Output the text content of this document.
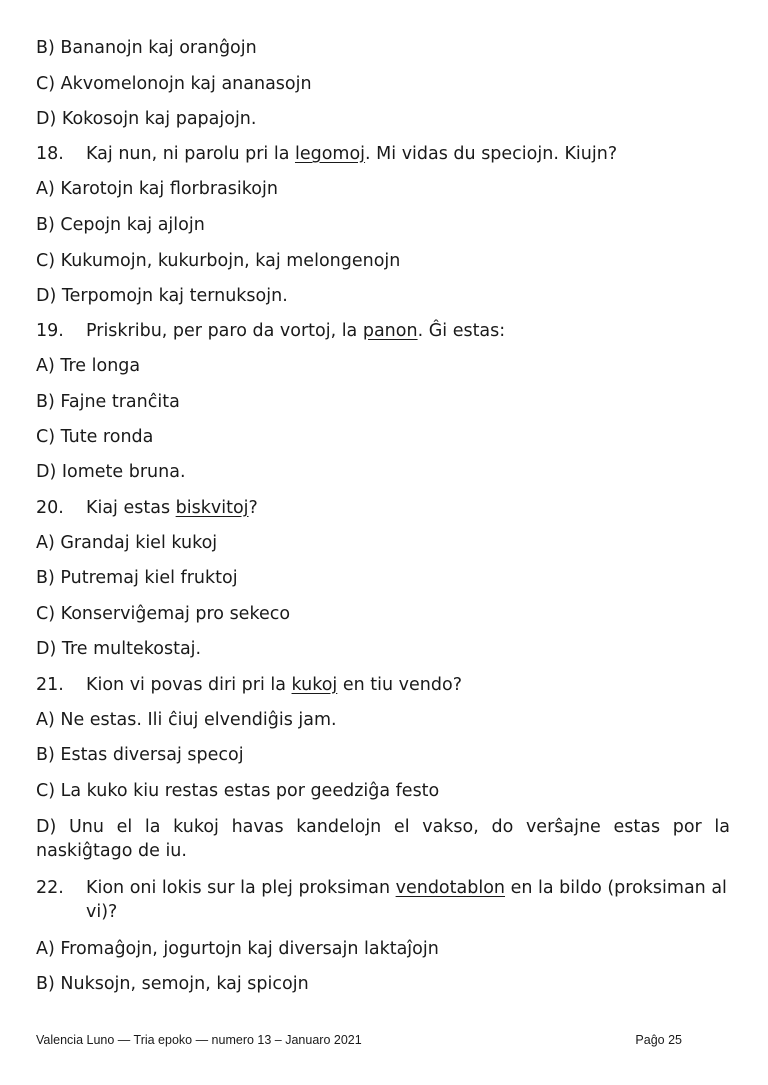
B) Bananojn kaj oranĝojn
C) Akvomelonojn kaj ananasojn
D) Kokosojn kaj papajojn.
18. Kaj nun, ni parolu pri la legomoj. Mi vidas du speciojn. Kiujn?
A) Karotojn kaj florbrasikojn
B) Cepojn kaj ajlojn
C) Kukumojn, kukurbojn, kaj melongenojn
D) Terpomojn kaj ternuksojn.
19. Priskribu, per paro da vortoj, la panon. Ĝi estas:
A) Tre longa
B) Fajne tranĉita
C) Tute ronda
D) Iomete bruna.
20. Kiaj estas biskvitoj?
A) Grandaj kiel kukoj
B) Putremaj kiel fruktoj
C) Konserviĝemaj pro sekeco
D) Tre multekostaj.
21. Kion vi povas diri pri la kukoj en tiu vendo?
A) Ne estas. Ili ĉiuj elvendiĝis jam.
B) Estas diversaj specoj
C) La kuko kiu restas estas por geedziĝa festo
D) Unu el la kukoj havas kandelojn el vakso, do verŝajne estas por la naskiĝtago de iu.
22.	Kion oni lokis sur la plej proksiman vendotablon en la bildo (proksiman al vi)?
A) Fromaĝojn, jogurtojn kaj diversajn laktaĵojn
B) Nuksojn, semojn, kaj spicojn
Valencia Luno — Tria epoko — numero 13 – Januaro 2021	Paĝo 25
